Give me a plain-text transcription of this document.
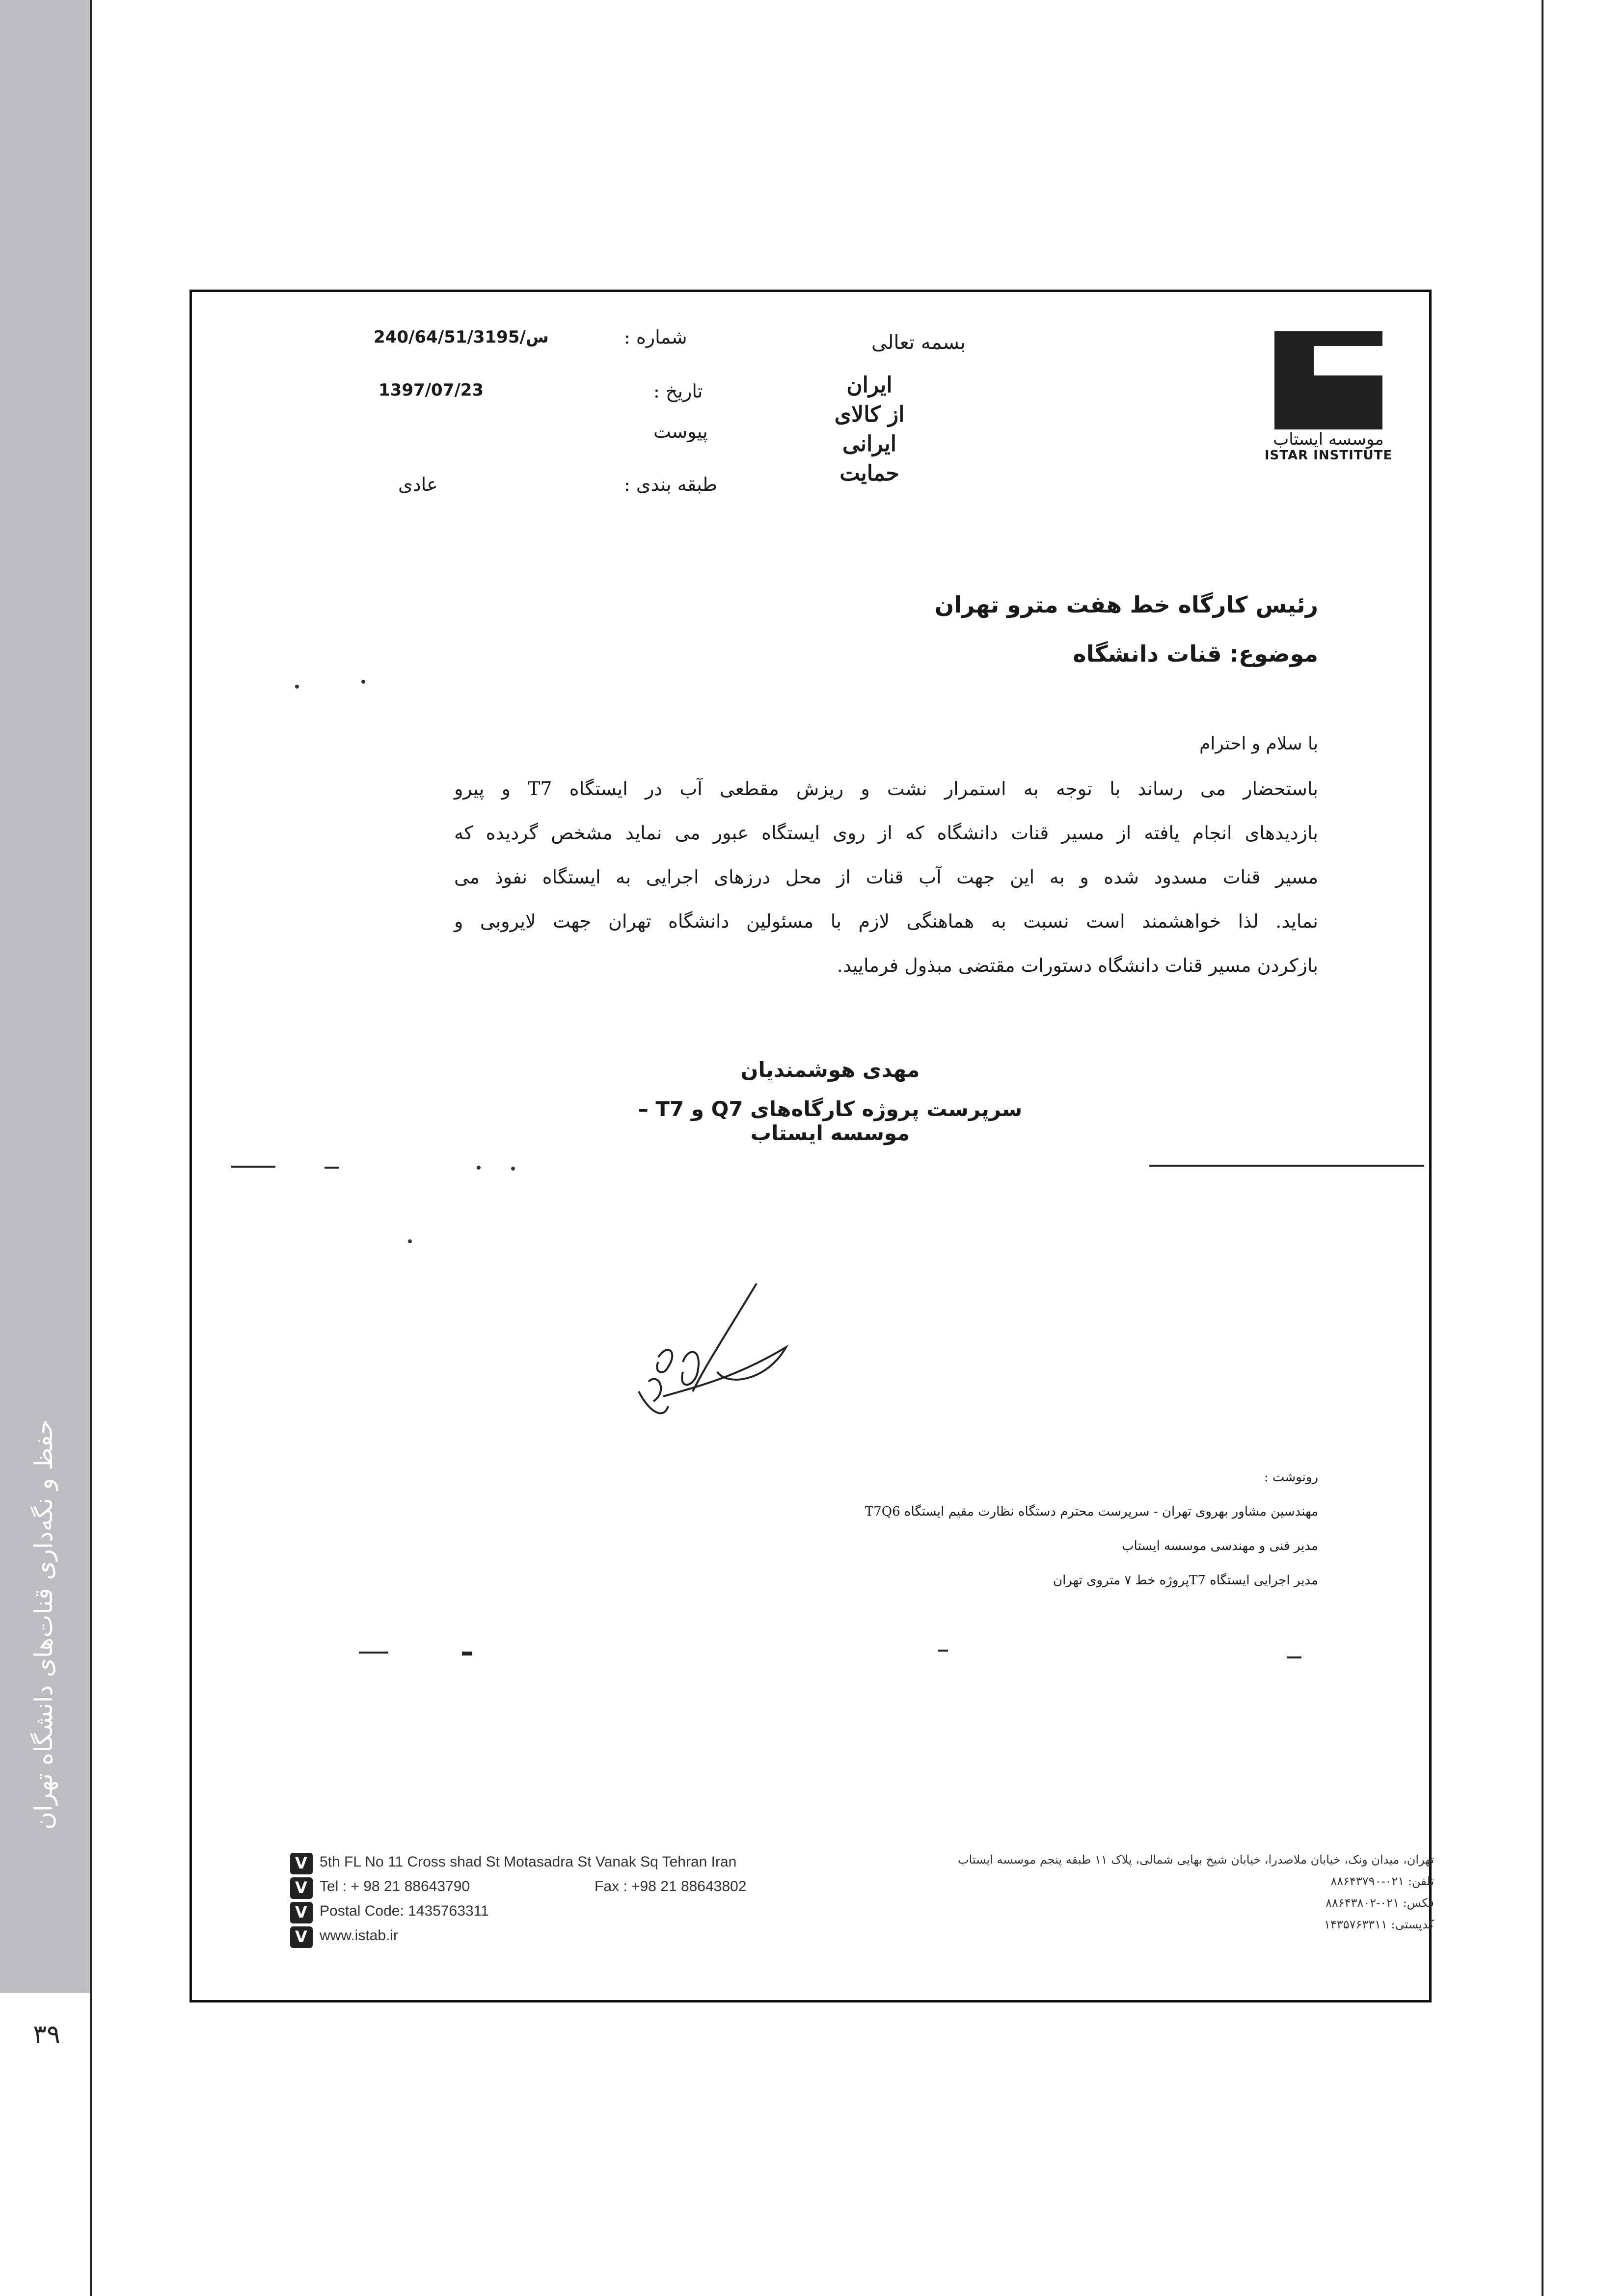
حفظ و نگه‌داری قنات‌های دانشگاه تهران
۳۹
موسسه ایستاب
ISTAR INSTITUTE
بسمه تعالی
ایران
از کالای
ایرانی
حمایت
شماره :
240/64/51/3195/س
تاریخ :
1397/07/23
پیوست
طبقه بندی :
عادی
رئیس کارگاه خط هفت مترو تهران
موضوع: قنات دانشگاه
با سلام و احترام
باستحضار می رساند با توجه به استمرار نشت و ریزش مقطعی آب در ایستگاه T7 و پیرو
بازدیدهای انجام یافته از مسیر قنات دانشگاه که از روی ایستگاه عبور می نماید مشخص گردیده که
مسیر قنات مسدود شده و به این جهت آب قنات از محل درزهای اجرایی به ایستگاه نفوذ می
نماید. لذا خواهشمند است نسبت به هماهنگی لازم با مسئولین دانشگاه تهران جهت لایروبی و
بازکردن مسیر قنات دانشگاه دستورات مقتضی مبذول فرمایید.
مهدی هوشمندیان
سرپرست پروژه کارگاه‌های Q7 و T7 – موسسه ایستاب
رونوشت :
مهندسین مشاور بهروی تهران - سرپرست محترم دستگاه نظارت مقیم ایستگاه T7Q6
مدیر فنی و مهندسی موسسه ایستاب
مدیر اجرایی ایستگاه T7پروژه خط ۷ متروی تهران
V
V
V
V
5th FL No 11 Cross shad St Motasadra St Vanak Sq Tehran Iran
Tel : + 98 21 88643790	Fax : +98 21 88643802
Postal Code: 1435763311
www.istab.ir
تهران، میدان ونک، خیابان ملاصدرا، خیابان شیخ بهایی شمالی، پلاک ۱۱ طبقه پنجم موسسه ایستاب
تلفن: ۰۲۱-۸۸۶۴۳۷۹۰
فکس: ۰۲۱-۸۸۶۴۳۸۰۲
کدپستی: ۱۴۳۵۷۶۳۳۱۱
